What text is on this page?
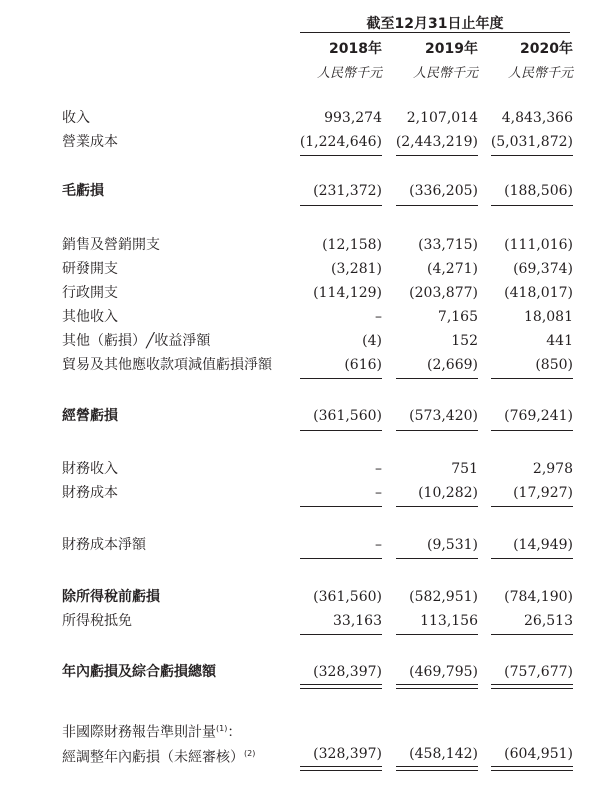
截至12月31日止年度
2018年	2019年	2020年
人民幣千元	人民幣千元	人民幣千元
收入	993,274	2,107,014	4,843,366
營業成本	(1,224,646) (2,443,219) (5,031,872)
毛虧損	(231,372)	(336,205)	(188,506)
銷售及營銷開支	(12,158)	(33,715)	(111,016)
研發開支	(3,281)	(4,271)	(69,374)
行政開支	(114,129)	(203,877)	(418,017)
其他收入	–	7,165	18,081
其他（虧損）╱收益淨額	(4)	152	441
貿易及其他應收款項減值虧損淨額	(616)	(2,669)	(850)
經營虧損	(361,560)	(573,420)	(769,241)
財務收入	–	751	2,978
財務成本	–	(10,282)	(17,927)
財務成本淨額	–	(9,531)	(14,949)
除所得稅前虧損	(361,560)	(582,951)	(784,190)
所得稅抵免	33,163	113,156	26,513
年內虧損及綜合虧損總額	(328,397)	(469,795)	(757,677)
非國際財務報告準則計量$^{(1)}$：
經調整年內虧損（未經審核）$^{(2)}$	(328,397)	(458,142)	(604,951)
